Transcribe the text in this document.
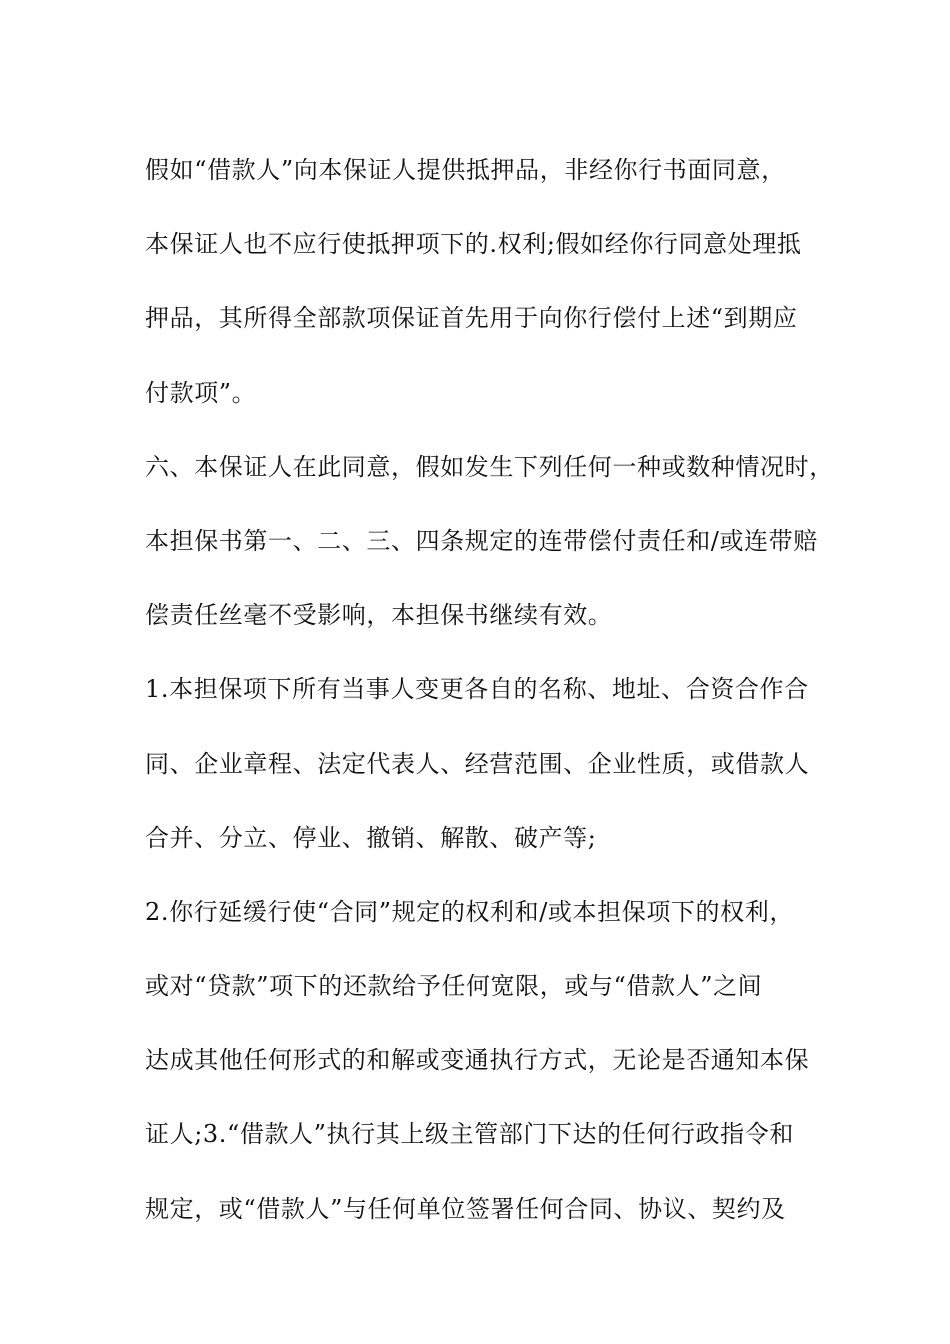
假如“借款人”向本保证人提供抵押品，非经你行书面同意，
本保证人也不应行使抵押项下的.权利;假如经你行同意处理抵
押品，其所得全部款项保证首先用于向你行偿付上述“到期应
付款项”。
六、本保证人在此同意，假如发生下列任何一种或数种情况时，
本担保书第一、二、三、四条规定的连带偿付责任和/或连带赔
偿责任丝毫不受影响，本担保书继续有效。
1.本担保项下所有当事人变更各自的名称、地址、合资合作合
同、企业章程、法定代表人、经营范围、企业性质，或借款人
合并、分立、停业、撤销、解散、破产等;
2.你行延缓行使“合同”规定的权利和/或本担保项下的权利，
或对“贷款”项下的还款给予任何宽限，或与“借款人”之间
达成其他任何形式的和解或变通执行方式，无论是否通知本保
证人;3.“借款人”执行其上级主管部门下达的任何行政指令和
规定，或“借款人”与任何单位签署任何合同、协议、契约及
